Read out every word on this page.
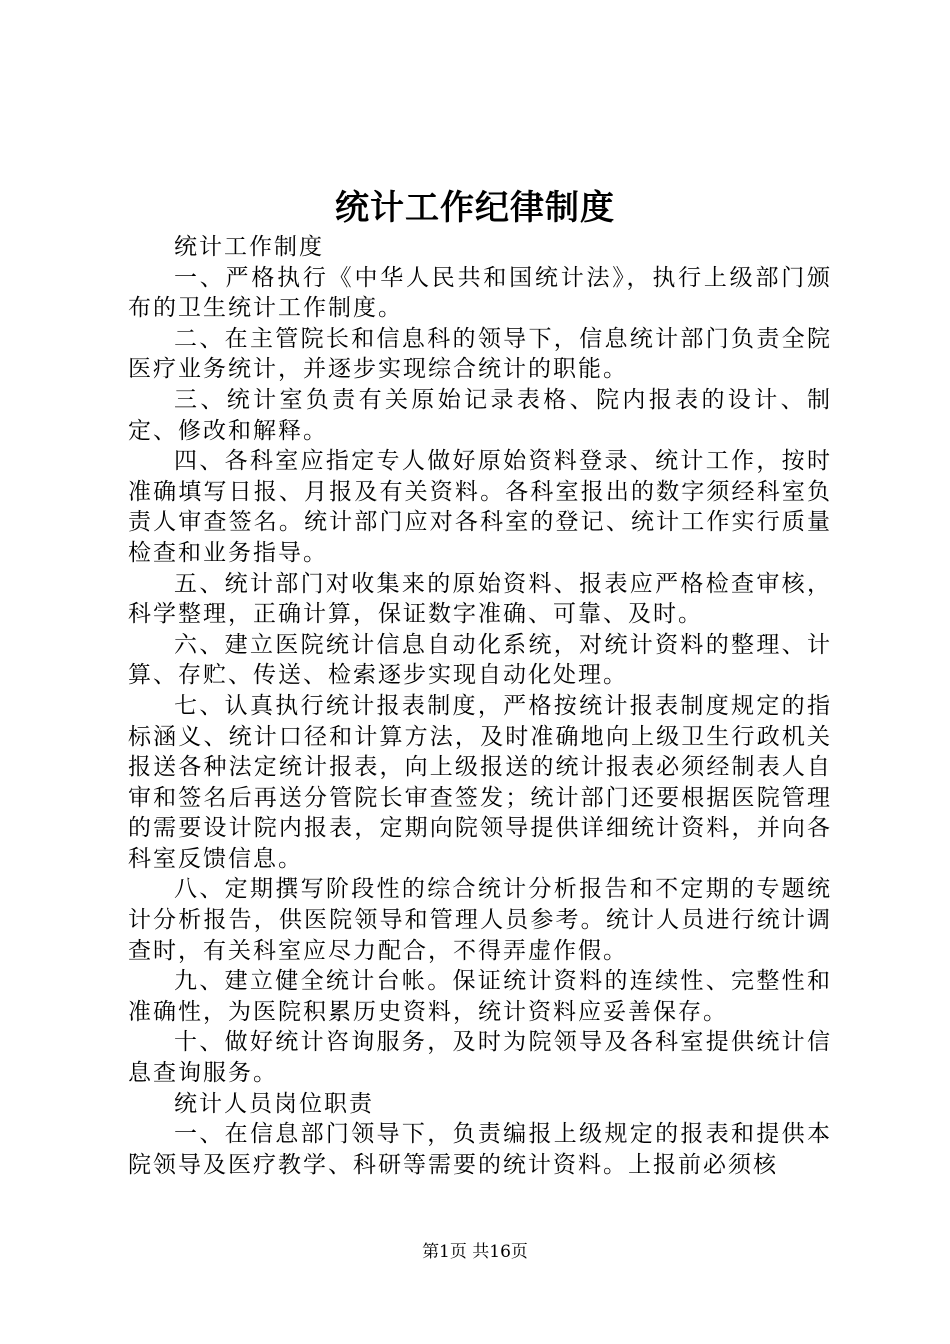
统计工作纪律制度

统计工作制度

一、严格执行《中华人民共和国统计法》，执行上级部门颁布的卫生统计工作制度。

二、在主管院长和信息科的领导下，信息统计部门负责全院医疗业务统计，并逐步实现综合统计的职能。

三、统计室负责有关原始记录表格、院内报表的设计、制定、修改和解释。

四、各科室应指定专人做好原始资料登录、统计工作，按时准确填写日报、月报及有关资料。各科室报出的数字须经科室负责人审查签名。统计部门应对各科室的登记、统计工作实行质量检查和业务指导。

五、统计部门对收集来的原始资料、报表应严格检查审核，科学整理，正确计算，保证数字准确、可靠、及时。

六、建立医院统计信息自动化系统，对统计资料的整理、计算、存贮、传送、检索逐步实现自动化处理。

七、认真执行统计报表制度，严格按统计报表制度规定的指标涵义、统计口径和计算方法，及时准确地向上级卫生行政机关报送各种法定统计报表，向上级报送的统计报表必须经制表人自审和签名后再送分管院长审查签发；统计部门还要根据医院管理的需要设计院内报表，定期向院领导提供详细统计资料，并向各科室反馈信息。

八、定期撰写阶段性的综合统计分析报告和不定期的专题统计分析报告，供医院领导和管理人员参考。统计人员进行统计调查时，有关科室应尽力配合，不得弄虚作假。

九、建立健全统计台帐。保证统计资料的连续性、完整性和准确性，为医院积累历史资料，统计资料应妥善保存。

十、做好统计咨询服务，及时为院领导及各科室提供统计信息查询服务。

统计人员岗位职责

一、在信息部门领导下，负责编报上级规定的报表和提供本院领导及医疗教学、科研等需要的统计资料。上报前必须核

第1页 共16页
